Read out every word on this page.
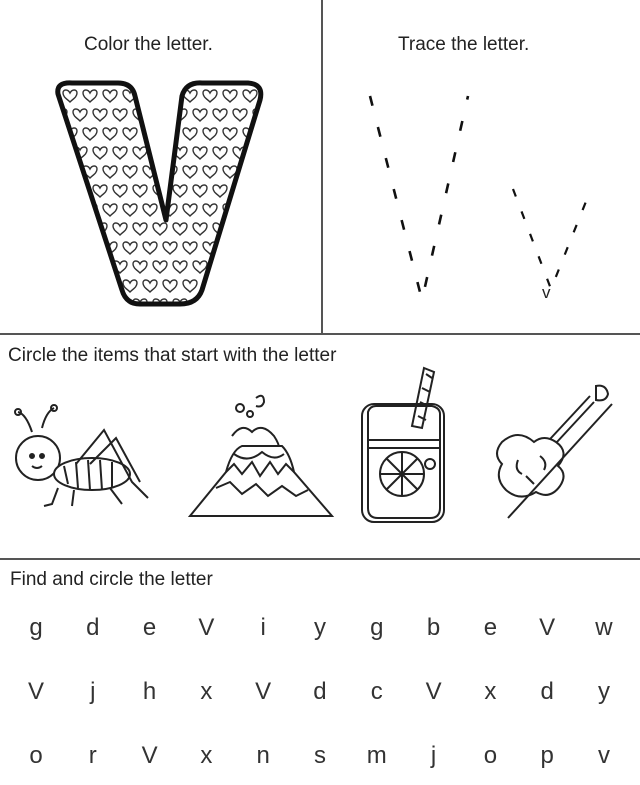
Color the letter.	Trace the letter.
v
Circle the items that start with the letter
Find and circle the letter
g	d	e	V	i	y	g	b	e	V	w
V	j	h	x	V	d	c	V	x	d	y
o	r	V	x	n	s	m	j	o	p	v
